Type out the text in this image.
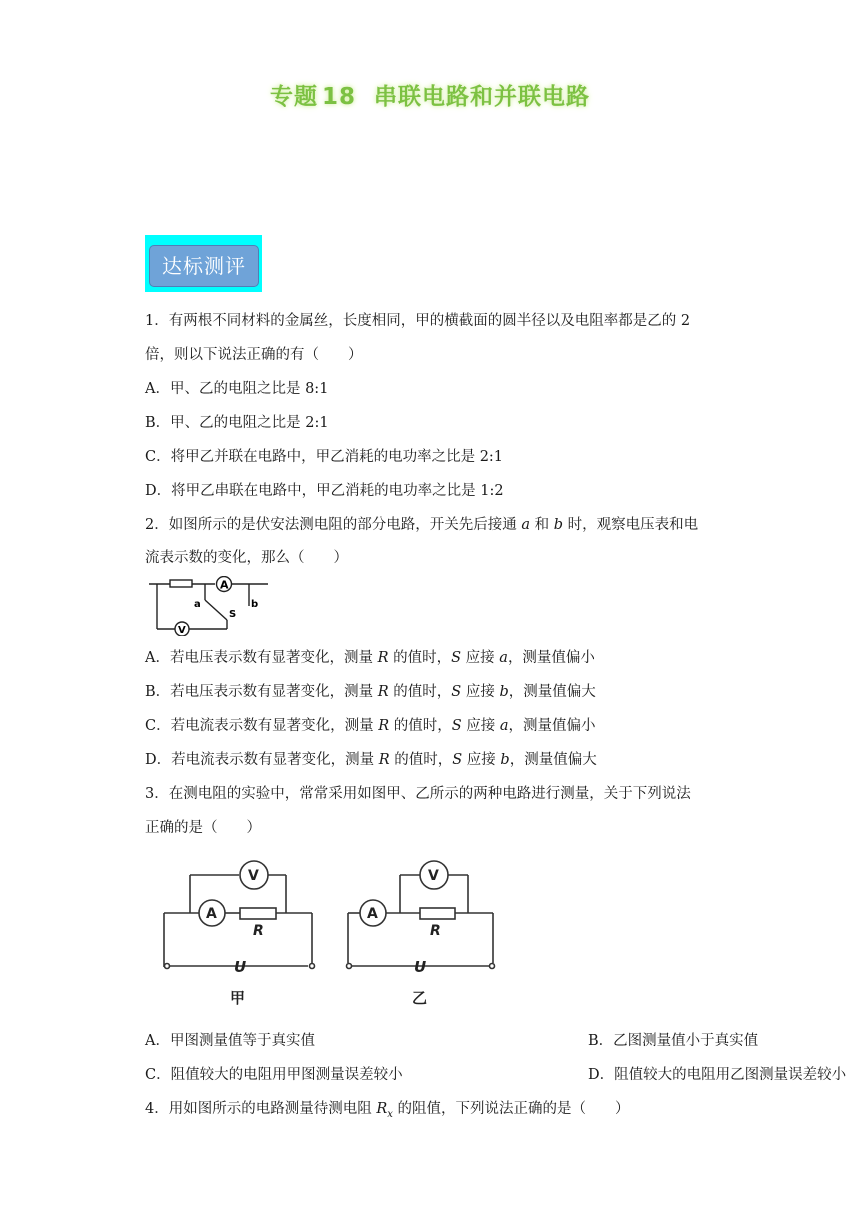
专题 18 串联电路和并联电路
达标测评
1．有两根不同材料的金属丝，长度相同，甲的横截面的圆半径以及电阻率都是乙的 2
倍，则以下说法正确的有（　　）
A．甲、乙的电阻之比是 8:1
B．甲、乙的电阻之比是 2:1
C．将甲乙并联在电路中，甲乙消耗的电功率之比是 2:1
D．将甲乙串联在电路中，甲乙消耗的电功率之比是 1:2
2．如图所示的是伏安法测电阻的部分电路，开关先后接通 a 和 b 时，观察电压表和电
流表示数的变化，那么（　　）
A
V
a
S
b
A．若电压表示数有显著变化，测量 R 的值时，S 应接 a，测量值偏小
B．若电压表示数有显著变化，测量 R 的值时，S 应接 b，测量值偏大
C．若电流表示数有显著变化，测量 R 的值时，S 应接 a，测量值偏小
D．若电流表示数有显著变化，测量 R 的值时，S 应接 b，测量值偏大
3．在测电阻的实验中，常常采用如图甲、乙所示的两种电路进行测量，关于下列说法
正确的是（　　）
V
A
R
U
甲
V
A
R
U
乙
A．甲图测量值等于真实值	B．乙图测量值小于真实值
C．阻值较大的电阻用甲图测量误差较小	D．阻值较大的电阻用乙图测量误差较小
4．用如图所示的电路测量待测电阻 $R_x$ 的阻值，下列说法正确的是（　　）
